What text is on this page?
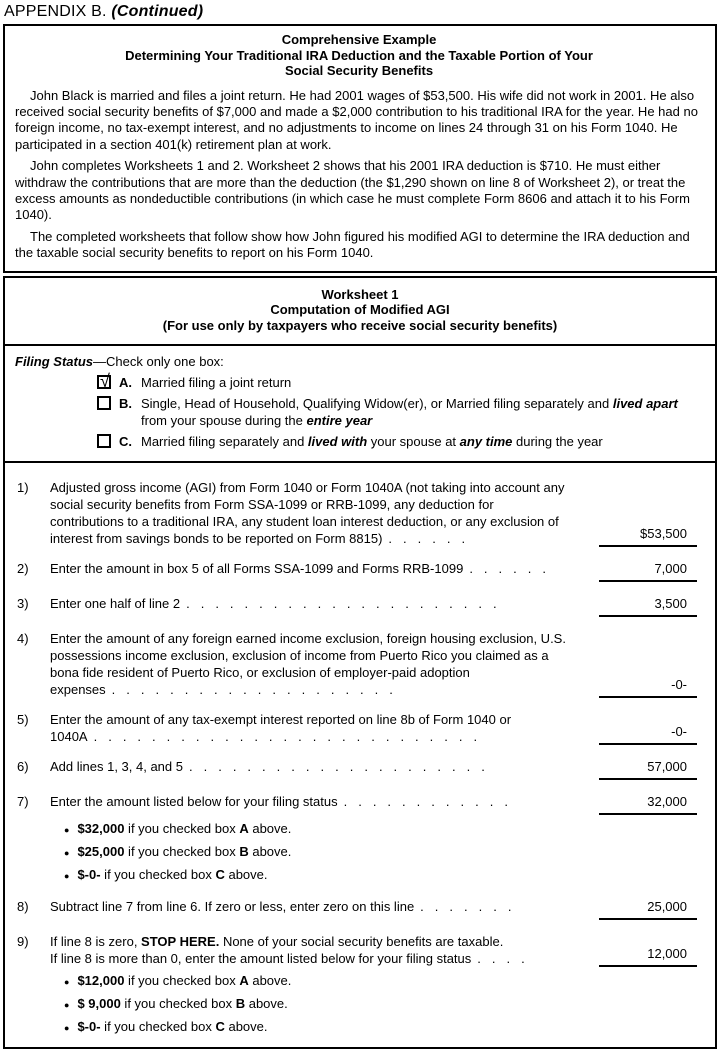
APPENDIX B. (Continued)
Comprehensive Example
Determining Your Traditional IRA Deduction and the Taxable Portion of Your
Social Security Benefits

John Black is married and files a joint return. He had 2001 wages of $53,500. His wife did not work in 2001. He also received social security benefits of $7,000 and made a $2,000 contribution to his traditional IRA for the year. He had no foreign income, no tax-exempt interest, and no adjustments to income on lines 24 through 31 on his Form 1040. He participated in a section 401(k) retirement plan at work.

John completes Worksheets 1 and 2. Worksheet 2 shows that his 2001 IRA deduction is $710. He must either withdraw the contributions that are more than the deduction (the $1,290 shown on line 8 of Worksheet 2), or treat the excess amounts as nondeductible contributions (in which case he must complete Form 8606 and attach it to his Form 1040).

The completed worksheets that follow show how John figured his modified AGI to determine the IRA deduction and the taxable social security benefits to report on his Form 1040.

Worksheet 1
Computation of Modified AGI
(For use only by taxpayers who receive social security benefits)
Filing Status—Check only one box:
√ A. Married filing a joint return
B. Single, Head of Household, Qualifying Widow(er), or Married filing separately and lived apart from your spouse during the entire year
C. Married filing separately and lived with your spouse at any time during the year
1)	Adjusted gross income (AGI) from Form 1040 or Form 1040A (not taking into account any social security benefits from Form SSA-1099 or RRB-1099, any deduction for contributions to a traditional IRA, any student loan interest deduction, or any exclusion of interest from savings bonds to be reported on Form 8815) ......	$53,500
2)	Enter the amount in box 5 of all Forms SSA-1099 and Forms RRB-1099 ......	7,000
3)	Enter one half of line 2 ......................	3,500
4)	Enter the amount of any foreign earned income exclusion, foreign housing exclusion, U.S. possessions income exclusion, exclusion of income from Puerto Rico you claimed as a bona fide resident of Puerto Rico, or exclusion of employer-paid adoption expenses ....................	-0-
5)	Enter the amount of any tax-exempt interest reported on line 8b of Form 1040 or
1040A ...........................	-0-
6)	Add lines 1, 3, 4, and 5 .....................	57,000
7)	Enter the amount listed below for your filing status ............	32,000
●
$32,000 if you checked box A above.
●
$25,000 if you checked box B above.
●
$-0- if you checked box C above.
8)	Subtract line 7 from line 6. If zero or less, enter zero on this line .......	25,000
9)	If line 8 is zero, STOP HERE. None of your social security benefits are taxable.
If line 8 is more than 0, enter the amount listed below for your filing status ....	12,000
●
$12,000 if you checked box A above.
●
$ 9,000 if you checked box B above.
●
$-0- if you checked box C above.
